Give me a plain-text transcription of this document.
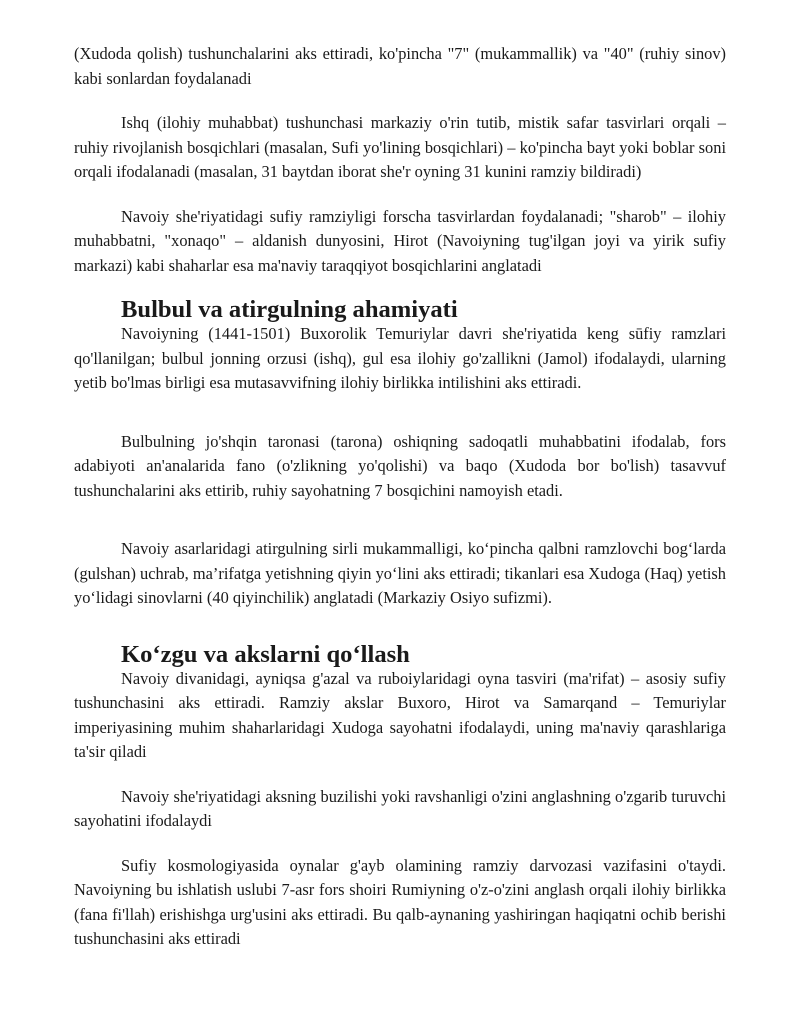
(Xudoda qolish) tushunchalarini aks ettiradi, ko'pincha "7" (mukammallik) va "40" (ruhiy sinov) kabi sonlardan foydalanadi

Ishq (ilohiy muhabbat) tushunchasi markaziy o'rin tutib, mistik safar tasvirlari orqali – ruhiy rivojlanish bosqichlari (masalan, Sufi yo'lining bosqichlari) – ko'pincha bayt yoki boblar soni orqali ifodalanadi (masalan, 31 baytdan iborat she'r oyning 31 kunini ramziy bildiradi)

Navoiy she'riyatidagi sufiy ramziyligi forscha tasvirlardan foydalanadi; "sharob" – ilohiy muhabbatni, "xonaqo" – aldanish dunyosini, Hirot (Navoiyning tug'ilgan joyi va yirik sufiy markazi) kabi shaharlar esa ma'naviy taraqqiyot bosqichlarini anglatadi

Bulbul va atirgulning ahamiyati

Navoiyning (1441-1501) Buxorolik Temuriylar davri she'riyatida keng sūfiy ramzlari qo'llanilgan; bulbul jonning orzusi (ishq), gul esa ilohiy go'zallikni (Jamol) ifodalaydi, ularning yetib bo'lmas birligi esa mutasavvifning ilohiy birlikka intilishini aks ettiradi.

Bulbulning jo'shqin taronasi (tarona) oshiqning sadoqatli muhabbatini ifodalab, fors adabiyoti an'analarida fano (o'zlikning yo'qolishi) va baqo (Xudoda bor bo'lish) tasavvuf tushunchalarini aks ettirib, ruhiy sayohatning 7 bosqichini namoyish etadi.

Navoiy asarlaridagi atirgulning sirli mukammalligi, ko‘pincha qalbni ramzlovchi bog‘larda (gulshan) uchrab, ma’rifatga yetishning qiyin yo‘lini aks ettiradi; tikanlari esa Xudoga (Haq) yetish yo‘lidagi sinovlarni (40 qiyinchilik) anglatadi (Markaziy Osiyo sufizmi).

Koʻzgu va akslarni qoʻllash

Navoiy divanidagi, ayniqsa g'azal va ruboiylaridagi oyna tasviri (ma'rifat) – asosiy sufiy tushunchasini aks ettiradi. Ramziy akslar Buxoro, Hirot va Samarqand – Temuriylar imperiyasining muhim shaharlaridagi Xudoga sayohatni ifodalaydi, uning ma'naviy qarashlariga ta'sir qiladi

Navoiy she'riyatidagi aksning buzilishi yoki ravshanligi o'zini anglashning o'zgarib turuvchi sayohatini ifodalaydi

Sufiy kosmologiyasida oynalar g'ayb olamining ramziy darvozasi vazifasini o'taydi. Navoiyning bu ishlatish uslubi 7-asr fors shoiri Rumiyning o'z-o'zini anglash orqali ilohiy birlikka (fana fi'llah) erishishga urg'usini aks ettiradi. Bu qalb-aynaning yashiringan haqiqatni ochib berishi tushunchasini aks ettiradi
